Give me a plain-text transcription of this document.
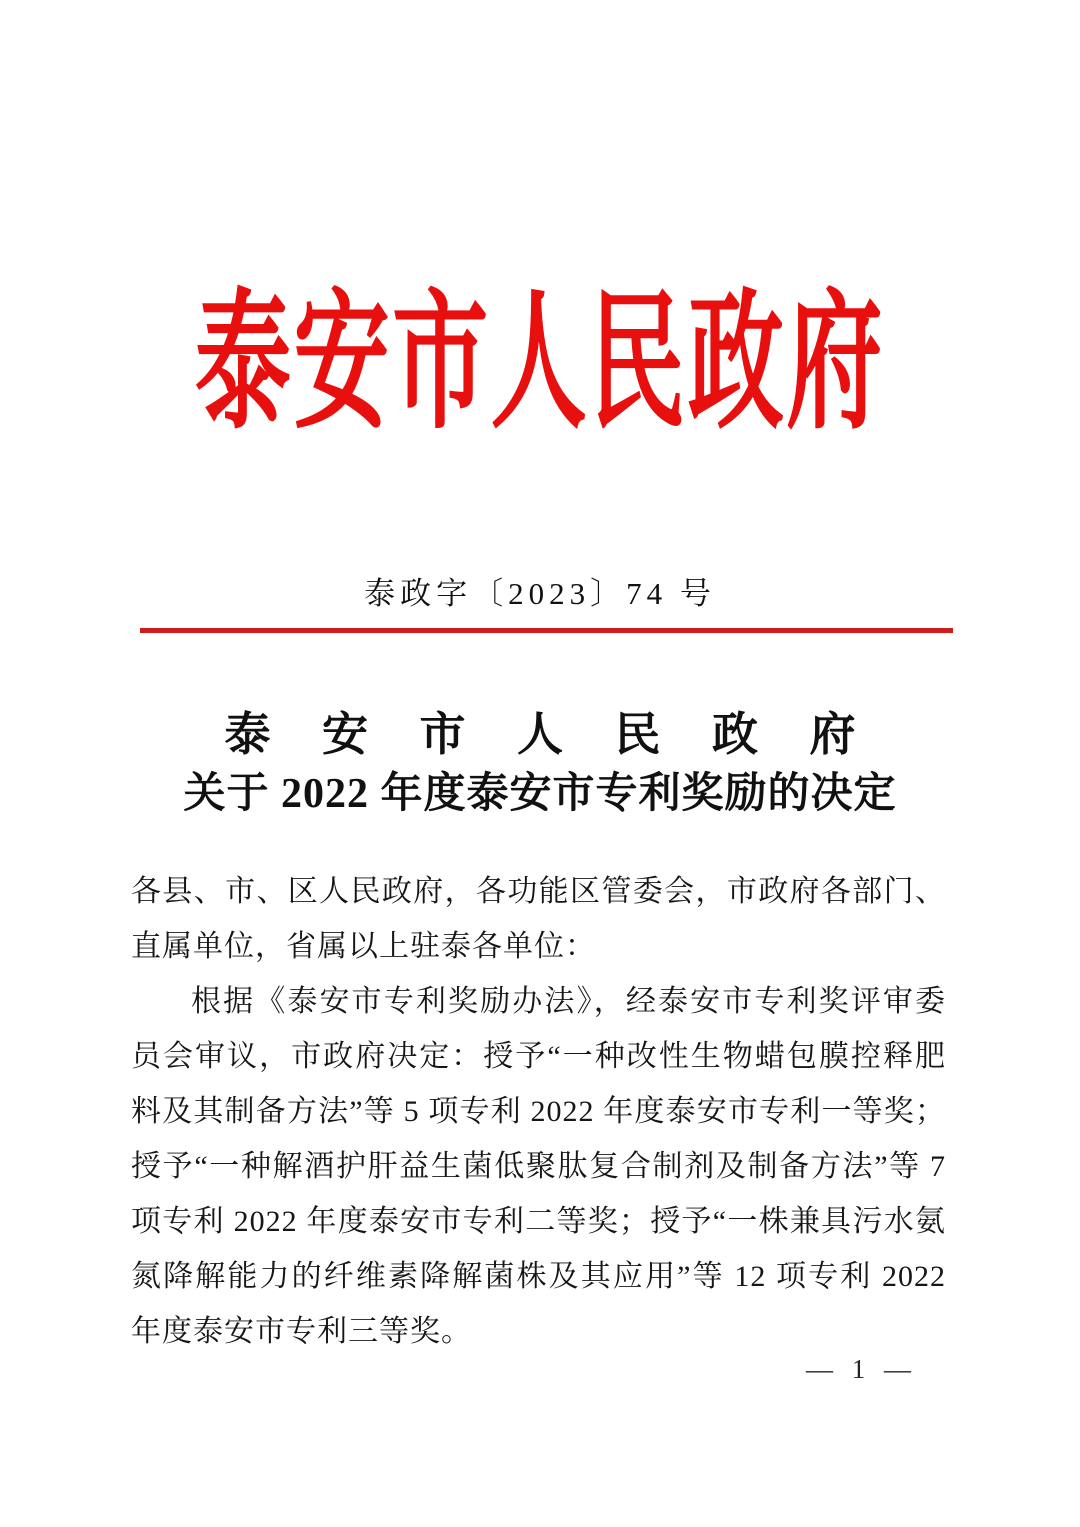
泰安市人民政府
泰政字〔2023〕74 号
泰 安 市 人 民 政 府
关于 2022 年度泰安市专利奖励的决定

各县、市、区人民政府，各功能区管委会，市政府各部门、直属单位，省属以上驻泰各单位：

根据《泰安市专利奖励办法》，经泰安市专利奖评审委员会审议，市政府决定：授予“一种改性生物蜡包膜控释肥料及其制备方法”等 5 项专利 2022 年度泰安市专利一等奖；授予“一种解酒护肝益生菌低聚肽复合制剂及制备方法”等 7 项专利 2022 年度泰安市专利二等奖；授予“一株兼具污水氨氮降解能力的纤维素降解菌株及其应用”等 12 项专利 2022 年度泰安市专利三等奖。

— 1 —
